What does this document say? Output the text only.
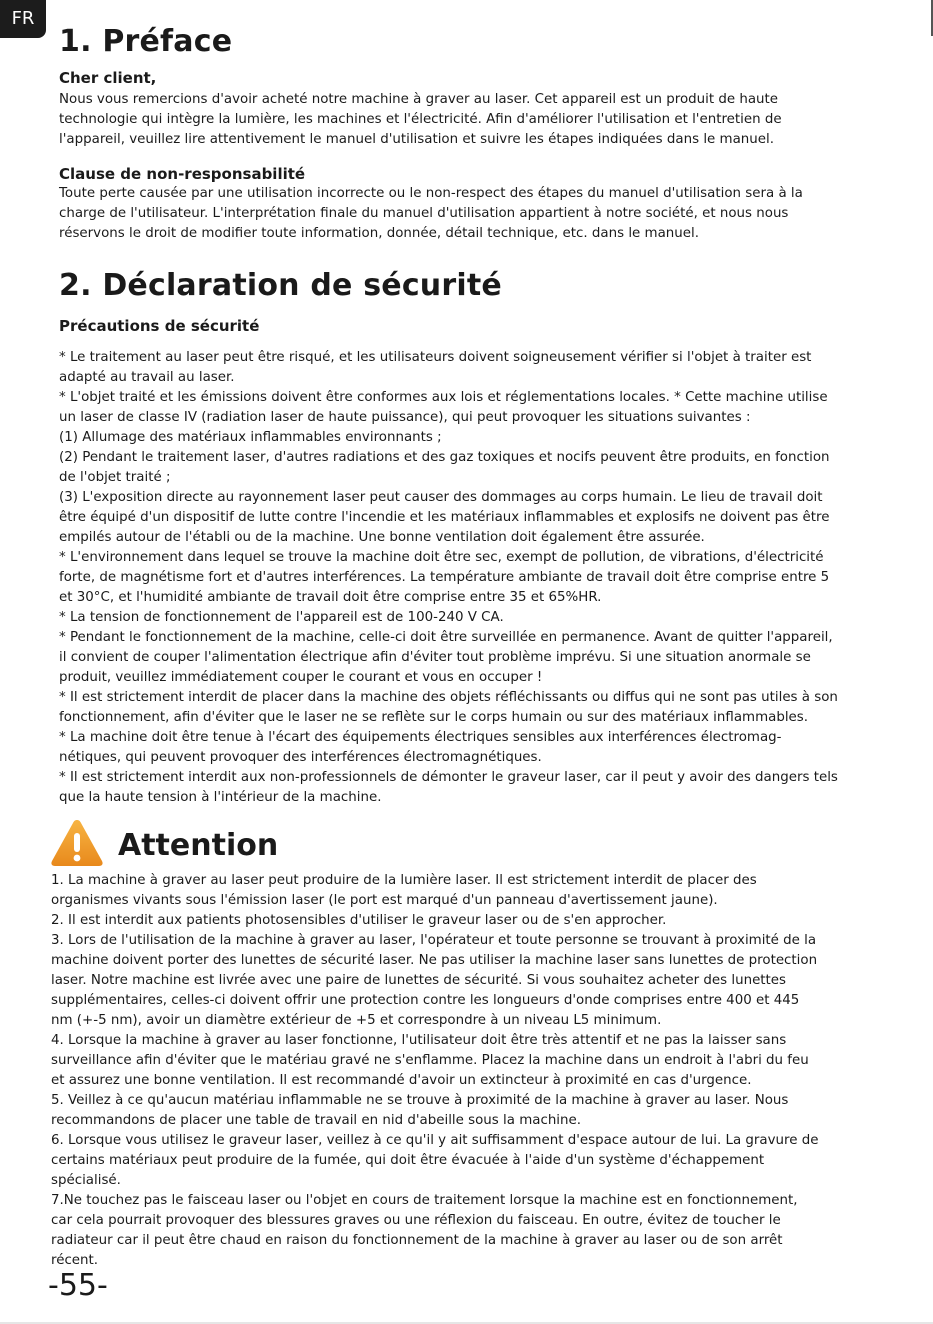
FR
1. Préface
Cher client,
Nous vous remercions d'avoir acheté notre machine à graver au laser. Cet appareil est un produit de haute
technologie qui intègre la lumière, les machines et l'électricité. Afin d'améliorer l'utilisation et l'entretien de
l'appareil, veuillez lire attentivement le manuel d'utilisation et suivre les étapes indiquées dans le manuel.
Clause de non-responsabilité
Toute perte causée par une utilisation incorrecte ou le non-respect des étapes du manuel d'utilisation sera à la
charge de l'utilisateur. L'interprétation finale du manuel d'utilisation appartient à notre société, et nous nous
réservons le droit de modifier toute information, donnée, détail technique, etc. dans le manuel.
2. Déclaration de sécurité
Précautions de sécurité
* Le traitement au laser peut être risqué, et les utilisateurs doivent soigneusement vérifier si l'objet à traiter est
adapté au travail au laser.
* L'objet traité et les émissions doivent être conformes aux lois et réglementations locales. * Cette machine utilise
un laser de classe IV (radiation laser de haute puissance), qui peut provoquer les situations suivantes :
(1) Allumage des matériaux inflammables environnants ;
(2) Pendant le traitement laser, d'autres radiations et des gaz toxiques et nocifs peuvent être produits, en fonction
de l'objet traité ;
(3) L'exposition directe au rayonnement laser peut causer des dommages au corps humain. Le lieu de travail doit
être équipé d'un dispositif de lutte contre l'incendie et les matériaux inflammables et explosifs ne doivent pas être
empilés autour de l'établi ou de la machine. Une bonne ventilation doit également être assurée.
* L'environnement dans lequel se trouve la machine doit être sec, exempt de pollution, de vibrations, d'électricité
forte, de magnétisme fort et d'autres interférences. La température ambiante de travail doit être comprise entre 5
et 30°C, et l'humidité ambiante de travail doit être comprise entre 35 et 65%HR.
* La tension de fonctionnement de l'appareil est de 100-240 V CA.
* Pendant le fonctionnement de la machine, celle-ci doit être surveillée en permanence. Avant de quitter l'appareil,
il convient de couper l'alimentation électrique afin d'éviter tout problème imprévu. Si une situation anormale se
produit, veuillez immédiatement couper le courant et vous en occuper !
* Il est strictement interdit de placer dans la machine des objets réfléchissants ou diffus qui ne sont pas utiles à son
fonctionnement, afin d'éviter que le laser ne se reflète sur le corps humain ou sur des matériaux inflammables.
* La machine doit être tenue à l'écart des équipements électriques sensibles aux interférences électromag-
nétiques, qui peuvent provoquer des interférences électromagnétiques.
* Il est strictement interdit aux non-professionnels de démonter le graveur laser, car il peut y avoir des dangers tels
que la haute tension à l'intérieur de la machine.
Attention
1. La machine à graver au laser peut produire de la lumière laser. Il est strictement interdit de placer des
organismes vivants sous l'émission laser (le port est marqué d'un panneau d'avertissement jaune).
2. Il est interdit aux patients photosensibles d'utiliser le graveur laser ou de s'en approcher.
3. Lors de l'utilisation de la machine à graver au laser, l'opérateur et toute personne se trouvant à proximité de la
machine doivent porter des lunettes de sécurité laser. Ne pas utiliser la machine laser sans lunettes de protection
laser. Notre machine est livrée avec une paire de lunettes de sécurité. Si vous souhaitez acheter des lunettes
supplémentaires, celles-ci doivent offrir une protection contre les longueurs d'onde comprises entre 400 et 445
nm (+-5 nm), avoir un diamètre extérieur de +5 et correspondre à un niveau L5 minimum.
4. Lorsque la machine à graver au laser fonctionne, l'utilisateur doit être très attentif et ne pas la laisser sans
surveillance afin d'éviter que le matériau gravé ne s'enflamme. Placez la machine dans un endroit à l'abri du feu
et assurez une bonne ventilation. Il est recommandé d'avoir un extincteur à proximité en cas d'urgence.
5. Veillez à ce qu'aucun matériau inflammable ne se trouve à proximité de la machine à graver au laser. Nous
recommandons de placer une table de travail en nid d'abeille sous la machine.
6. Lorsque vous utilisez le graveur laser, veillez à ce qu'il y ait suffisamment d'espace autour de lui. La gravure de
certains matériaux peut produire de la fumée, qui doit être évacuée à l'aide d'un système d'échappement
spécialisé.
7.Ne touchez pas le faisceau laser ou l'objet en cours de traitement lorsque la machine est en fonctionnement,
car cela pourrait provoquer des blessures graves ou une réflexion du faisceau. En outre, évitez de toucher le
radiateur car il peut être chaud en raison du fonctionnement de la machine à graver au laser ou de son arrêt
récent.
-55-
